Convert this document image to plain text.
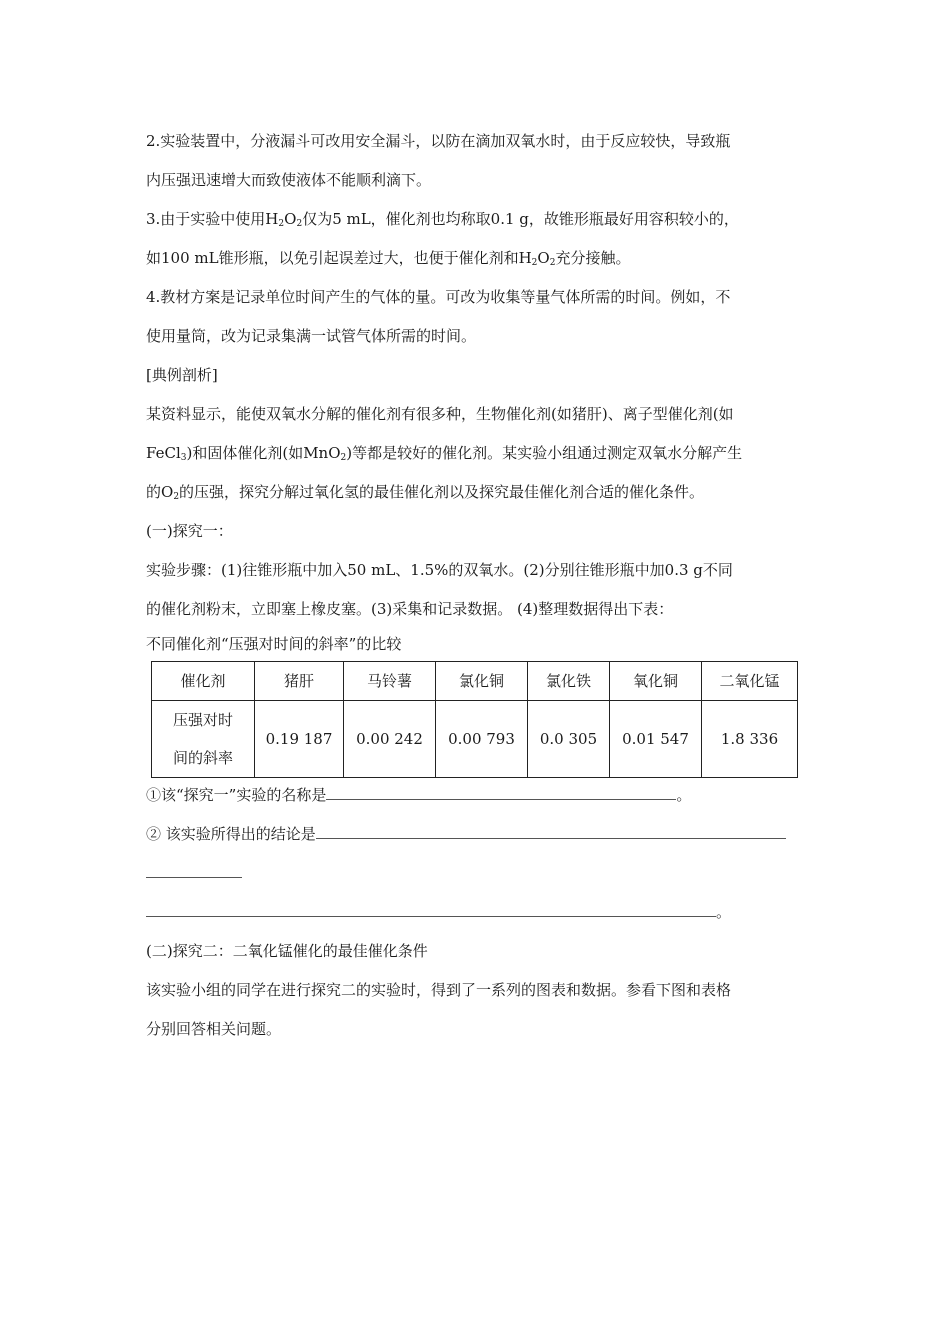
2.实验装置中，分液漏斗可改用安全漏斗，以防在滴加双氧水时，由于反应较快，导致瓶

内压强迅速增大而致使液体不能顺利滴下。

3.由于实验中使用$H_2O_2$仅为5 mL，催化剂也均称取0.1 g，故锥形瓶最好用容积较小的，

如100 mL锥形瓶，以免引起误差过大，也便于催化剂和$H_2O_2$充分接触。

4.教材方案是记录单位时间产生的气体的量。可改为收集等量气体所需的时间。例如，不

使用量筒，改为记录集满一试管气体所需的时间。

[典例剖析]

某资料显示，能使双氧水分解的催化剂有很多种，生物催化剂(如猪肝)、离子型催化剂(如

FeCl$_3$)和固体催化剂(如MnO$_2$)等都是较好的催化剂。某实验小组通过测定双氧水分解产生

的$O_2$的压强，探究分解过氧化氢的最佳催化剂以及探究最佳催化剂合适的催化条件。

(一)探究一：

实验步骤：(1)往锥形瓶中加入50 mL、1.5%的双氧水。(2)分别往锥形瓶中加0.3 g不同

的催化剂粉末，立即塞上橡皮塞。(3)采集和记录数据。 (4)整理数据得出下表：

不同催化剂“压强对时间的斜率”的比较

催化剂	猪肝	马铃薯	氯化铜	氯化铁	氧化铜	二氧化锰
压强对时
间的斜率	0.19 187	0.00 242	0.00 793	0.0 305	0.01 547	1.8 336

①该“探究一”实验的名称是	。

② 该实验所得出的结论是

。

(二)探究二：二氧化锰催化的最佳催化条件

该实验小组的同学在进行探究二的实验时，得到了一系列的图表和数据。参看下图和表格

分别回答相关问题。
